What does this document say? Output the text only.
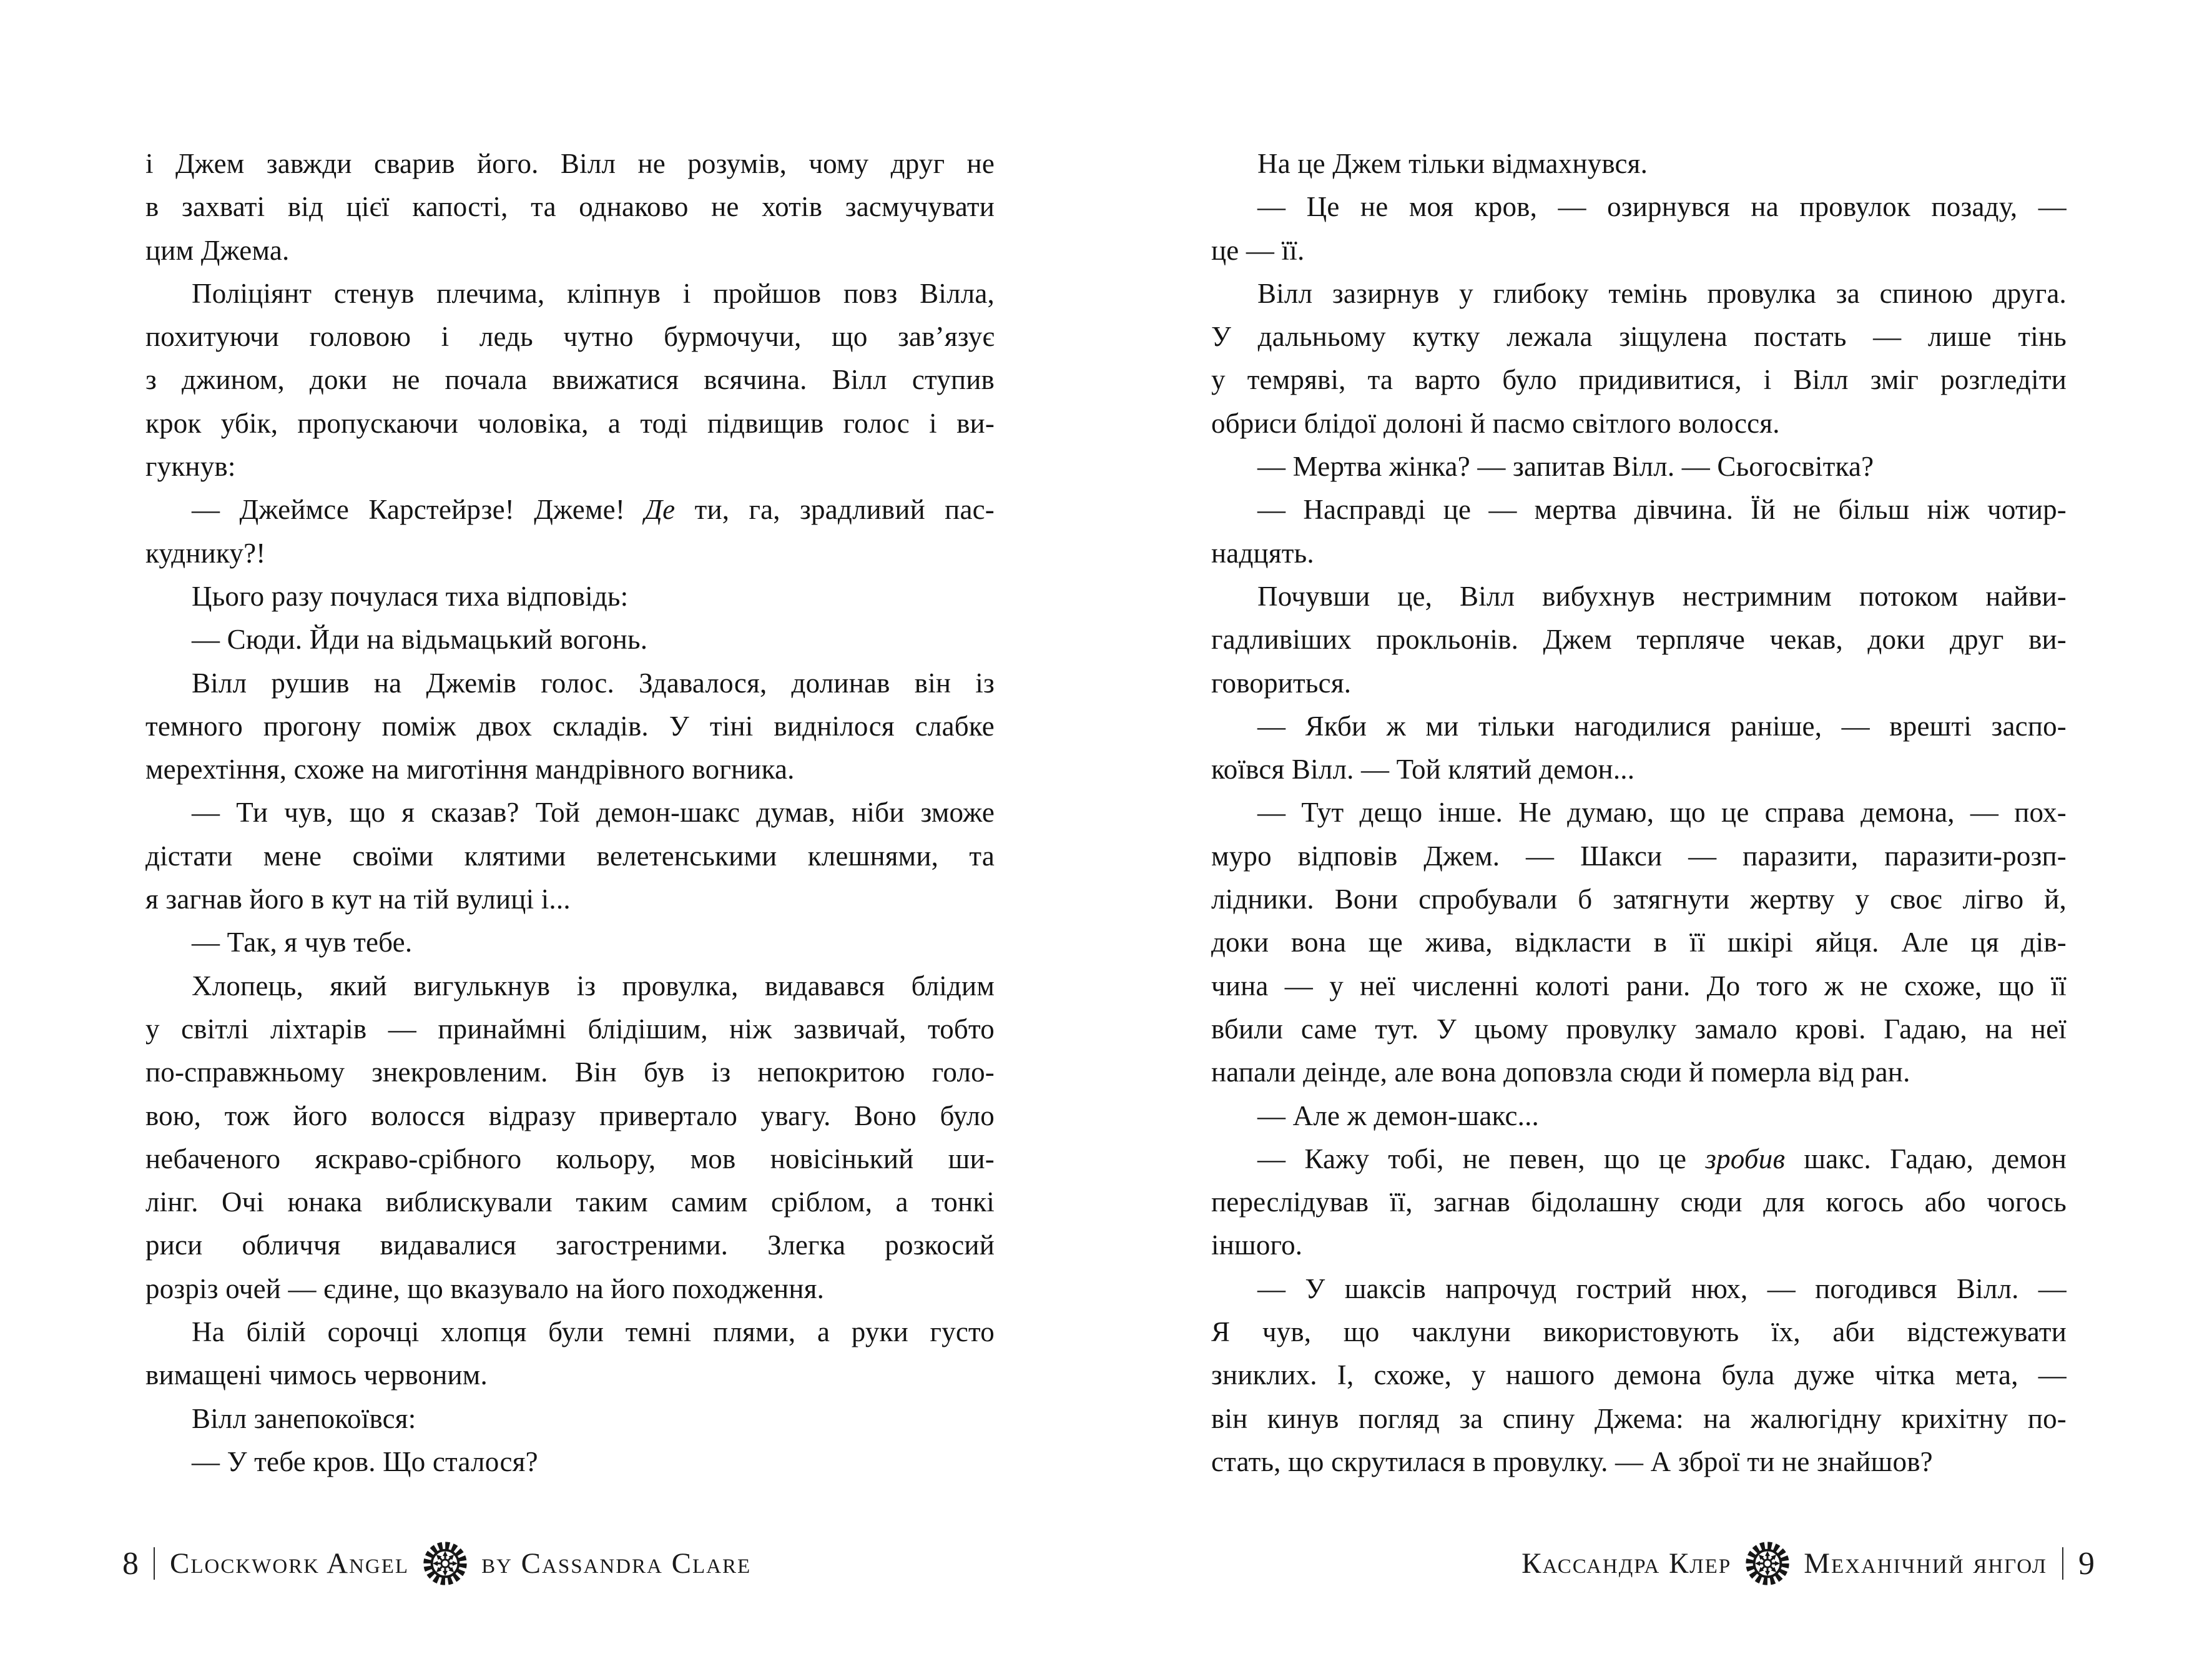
і Джем завжди сварив його. Вілл не розумів, чому друг не
в захваті від цієї капості, та однаково не хотів засмучувати
цим Джема.
Поліціянт стенув плечима, кліпнув і пройшов повз Вілла,
похитуючи головою і ледь чутно бурмочучи, що зав’язує
з джином, доки не почала ввижатися всячина. Вілл ступив
крок убік, пропускаючи чоловіка, а тоді підвищив голос і ви-
гукнув:
— Джеймсе Карстейрзе! Джеме! Де ти, га, зрадливий пас-
куднику?!
Цього разу почулася тиха відповідь:
— Сюди. Йди на відьмацький вогонь.
Вілл рушив на Джемів голос. Здавалося, долинав він із
темного прогону поміж двох складів. У тіні виднілося слабке
мерехтіння, схоже на миготіння мандрівного вогника.
— Ти чув, що я сказав? Той демон-шакс думав, ніби зможе
дістати мене своїми клятими велетенськими клешнями, та
я загнав його в кут на тій вулиці і...
— Так, я чув тебе.
Хлопець, який вигулькнув із провулка, видавався блідим
у світлі ліхтарів — принаймні блідішим, ніж зазвичай, тобто
по-справжньому знекровленим. Він був із непокритою голо-
вою, тож його волосся відразу привертало увагу. Воно було
небаченого яскраво-срібного кольору, мов новісінький ши-
лінг. Очі юнака виблискували таким самим сріблом, а тонкі
риси обличчя видавалися загостреними. Злегка розкосий
розріз очей — єдине, що вказувало на його походження.
На білій сорочці хлопця були темні плями, а руки густо
вимащені чимось червоним.
Вілл занепокоївся:
— У тебе кров. Що сталося?
На це Джем тільки відмахнувся.
— Це не моя кров, — озирнувся на провулок позаду, —
це — її.
Вілл зазирнув у глибоку темінь провулка за спиною друга.
У дальньому кутку лежала зіщулена постать — лише тінь
у темряві, та варто було придивитися, і Вілл зміг розгледіти
обриси блідої долоні й пасмо світлого волосся.
— Мертва жінка? — запитав Вілл. — Сьогосвітка?
— Насправді це — мертва дівчина. Їй не більш ніж чотир-
надцять.
Почувши це, Вілл вибухнув нестримним потоком найви-
гадливіших прокльонів. Джем терпляче чекав, доки друг ви-
говориться.
— Якби ж ми тільки нагодилися раніше, — врешті заспо-
коївся Вілл. — Той клятий демон...
— Тут дещо інше. Не думаю, що це справа демона, — пох-
муро відповів Джем. — Шакси — паразити, паразити-розп-
лідники. Вони спробували б затягнути жертву у своє лігво й,
доки вона ще жива, відкласти в її шкірі яйця. Але ця дів-
чина — у неї численні колоті рани. До того ж не схоже, що її
вбили саме тут. У цьому провулку замало крові. Гадаю, на неї
напали деінде, але вона доповзла сюди й померла від ран.
— Але ж демон-шакс...
— Кажу тобі, не певен, що це зробив шакс. Гадаю, демон
переслідував її, загнав бідолашну сюди для когось або чогось
іншого.
— У шаксів напрочуд гострий нюх, — погодився Вілл. —
Я чув, що чаклуни використовують їх, аби відстежувати
зниклих. І, схоже, у нашого демона була дуже чітка мета, —
він кинув погляд за спину Джема: на жалюгідну крихітну по-
стать, що скрутилася в провулку. — А зброї ти не знайшов?
8 Clockwork Angel by Cassandra Clare	Кассандра Клер Механічний янгол 9
